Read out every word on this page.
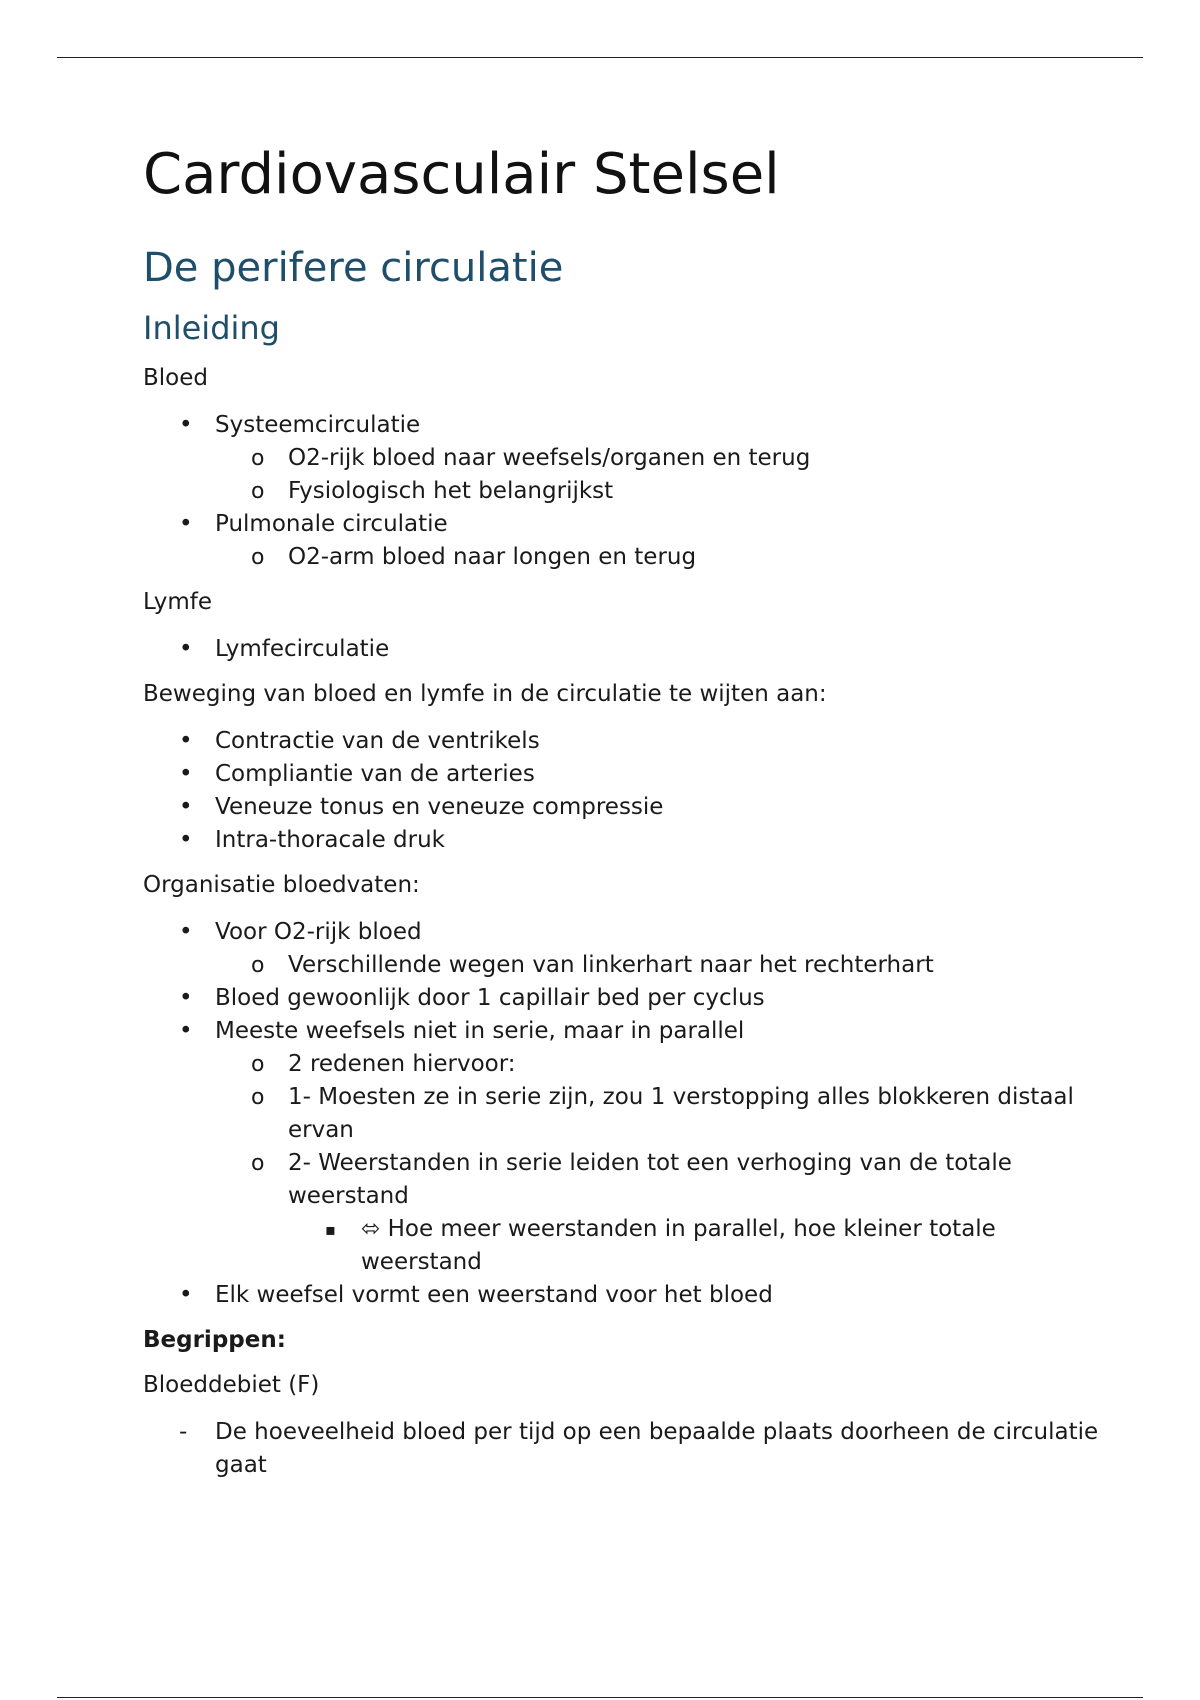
Cardiovasculair Stelsel
De perifere circulatie
Inleiding

Bloed

• Systeemcirculatie
o O2-rijk bloed naar weefsels/organen en terug
o Fysiologisch het belangrijkst
• Pulmonale circulatie
o O2-arm bloed naar longen en terug

Lymfe

• Lymfecirculatie

Beweging van bloed en lymfe in de circulatie te wijten aan:

• Contractie van de ventrikels
• Compliantie van de arteries
• Veneuze tonus en veneuze compressie
• Intra-thoracale druk

Organisatie bloedvaten:

• Voor O2-rijk bloed
o Verschillende wegen van linkerhart naar het rechterhart
• Bloed gewoonlijk door 1 capillair bed per cyclus
• Meeste weefsels niet in serie, maar in parallel
o 2 redenen hiervoor:
o 1- Moesten ze in serie zijn, zou 1 verstopping alles blokkeren distaal ervan
o 2- Weerstanden in serie leiden tot een verhoging van de totale weerstand
▪ ⬄ Hoe meer weerstanden in parallel, hoe kleiner totale weerstand
• Elk weefsel vormt een weerstand voor het bloed

Begrippen:

Bloeddebiet (F)

- De hoeveelheid bloed per tijd op een bepaalde plaats doorheen de circulatie gaat
